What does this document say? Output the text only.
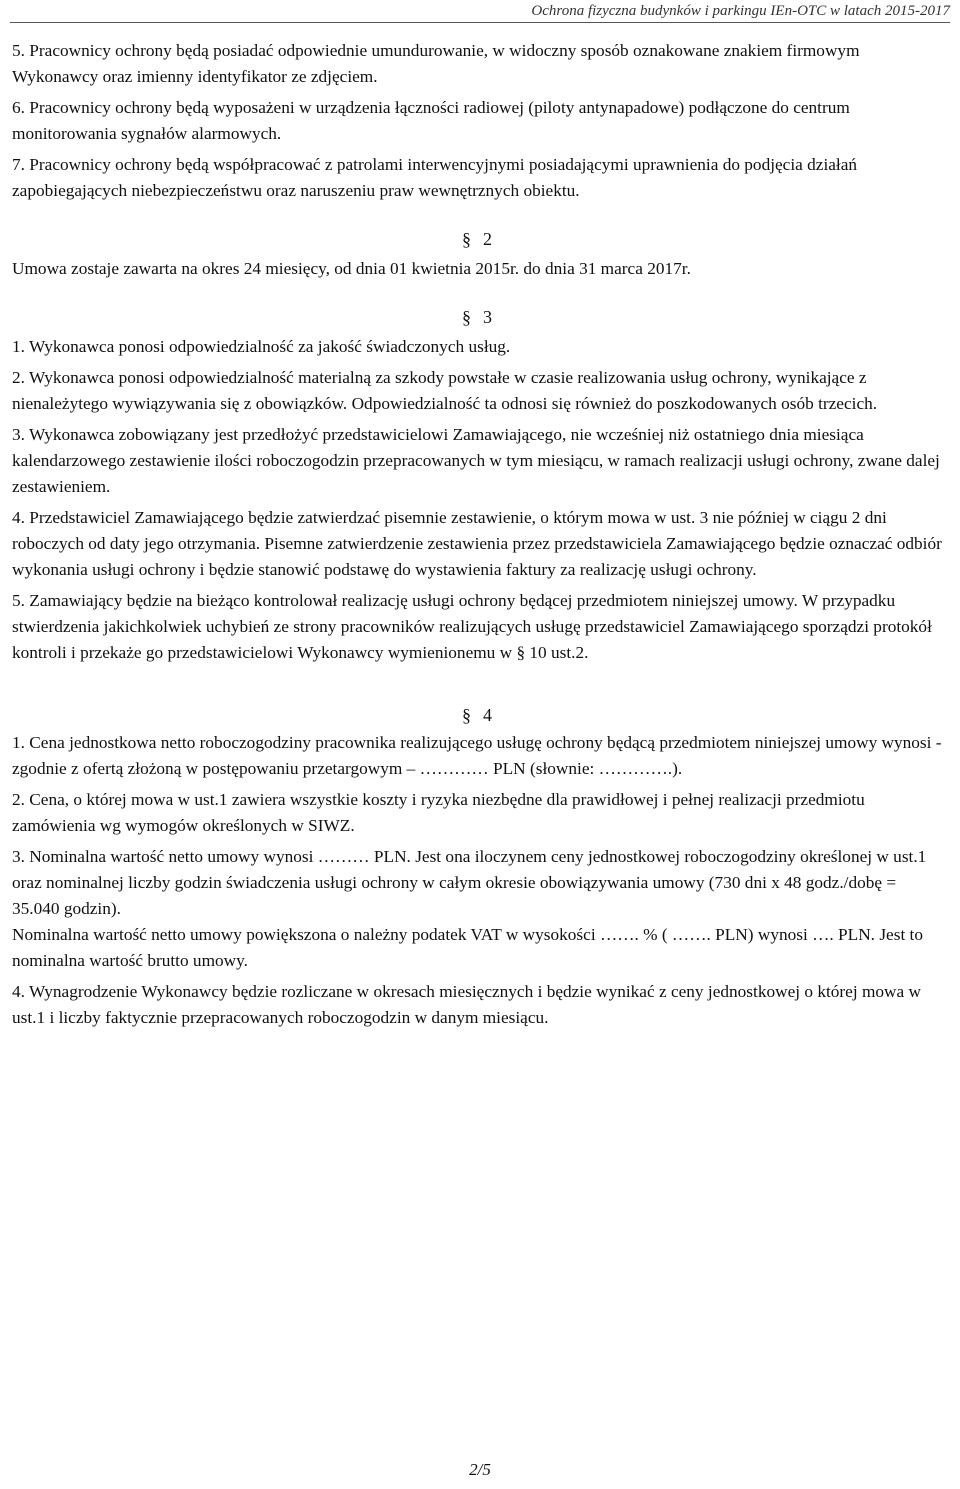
Ochrona fizyczna budynków i parkingu IEn-OTC w latach 2015-2017

5. Pracownicy ochrony będą posiadać odpowiednie umundurowanie, w widoczny sposób oznakowane znakiem firmowym Wykonawcy oraz imienny identyfikator ze zdjęciem.

6. Pracownicy ochrony będą wyposażeni w urządzenia łączności radiowej (piloty antynapadowe) podłączone do centrum monitorowania sygnałów alarmowych.

7. Pracownicy ochrony będą współpracować z patrolami interwencyjnymi posiadającymi uprawnienia do podjęcia działań zapobiegających niebezpieczeństwu oraz naruszeniu praw wewnętrznych obiektu.

§ 2

Umowa zostaje zawarta na okres 24 miesięcy, od dnia 01 kwietnia 2015r. do dnia 31 marca 2017r.

§ 3

1. Wykonawca ponosi odpowiedzialność za jakość świadczonych usług.

2. Wykonawca ponosi odpowiedzialność materialną za szkody powstałe w czasie realizowania usług ochrony, wynikające z nienależytego wywiązywania się z obowiązków. Odpowiedzialność ta odnosi się również do poszkodowanych osób trzecich.

3. Wykonawca zobowiązany jest przedłożyć przedstawicielowi Zamawiającego, nie wcześniej niż ostatniego dnia miesiąca kalendarzowego zestawienie ilości roboczogodzin przepracowanych w tym miesiącu, w ramach realizacji usługi ochrony, zwane dalej zestawieniem.

4. Przedstawiciel Zamawiającego będzie zatwierdzać pisemnie zestawienie, o którym mowa w ust. 3 nie później w ciągu 2 dni roboczych od daty jego otrzymania. Pisemne zatwierdzenie zestawienia przez przedstawiciela Zamawiającego będzie oznaczać odbiór wykonania usługi ochrony i będzie stanowić podstawę do wystawienia faktury za realizację usługi ochrony.

5. Zamawiający będzie na bieżąco kontrolował realizację usługi ochrony będącej przedmiotem niniejszej umowy. W przypadku stwierdzenia jakichkolwiek uchybień ze strony pracowników realizujących usługę przedstawiciel Zamawiającego sporządzi protokół kontroli i przekaże go przedstawicielowi Wykonawcy wymienionemu w § 10 ust.2.

§ 4

1. Cena jednostkowa netto roboczogodziny pracownika realizującego usługę ochrony będącą przedmiotem niniejszej umowy wynosi - zgodnie z ofertą złożoną w postępowaniu przetargowym – ………… PLN (słownie: ………….).

2. Cena, o której mowa w ust.1 zawiera wszystkie koszty i ryzyka niezbędne dla prawidłowej i pełnej realizacji przedmiotu zamówienia wg wymogów określonych w SIWZ.

3. Nominalna wartość netto umowy wynosi ……… PLN. Jest ona iloczynem ceny jednostkowej roboczogodziny określonej w ust.1 oraz nominalnej liczby godzin świadczenia usługi ochrony w całym okresie obowiązywania umowy (730 dni x 48 godz./dobę = 35.040 godzin).

Nominalna wartość netto umowy powiększona o należny podatek VAT w wysokości ……. % ( ……. PLN) wynosi …. PLN. Jest to nominalna wartość brutto umowy.

4. Wynagrodzenie Wykonawcy będzie rozliczane w okresach miesięcznych i będzie wynikać z ceny jednostkowej o której mowa w ust.1 i liczby faktycznie przepracowanych roboczogodzin w danym miesiącu.

2/5
